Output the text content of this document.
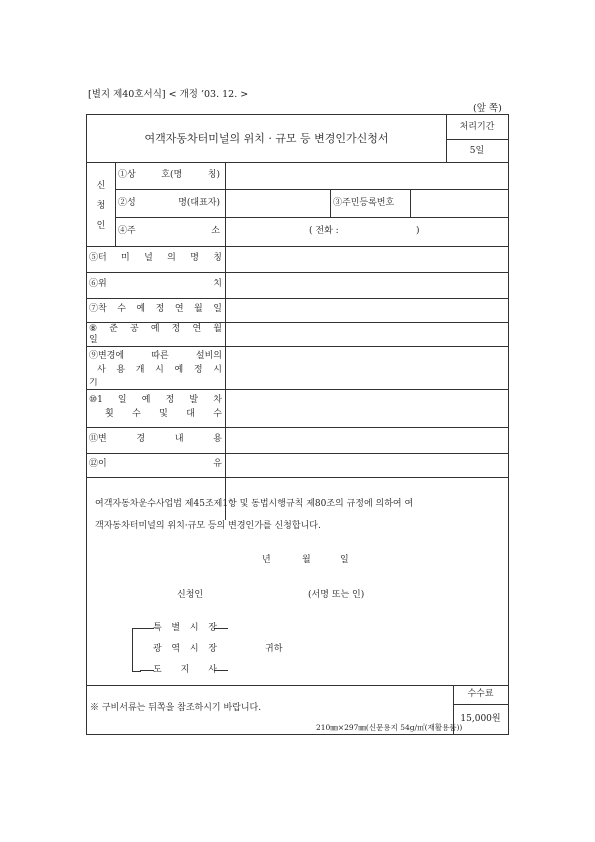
[별지 제40호서식] < 개정 ’03. 12. >
(앞 쪽)
여객자동차터미널의 위치 · 규모 등 변경인가신청서
처리기간
5일
신
청
인
①상	호(명	칭)
②성	명(대표자)	③주민등록번호
④주	소	( 전화 :	)
⑤터 미 널 의 명 칭
⑥위	치
⑦착 수 예 정 연 월 일
⑧ 준 공 예 정 연 월
일
⑨변경에	따른	설비의
사 용 개 시 예 정 시
기
⑩1 일 예 정 발 차
횟 수 및 대 수
⑪변	경	내	용
⑫이	유
여객자동차운수사업법 제45조제1항 및 동법시행규칙 제80조의 규정에 의하여 여
객자동차터미널의 위치·규모 등의 변경인가를 신청합니다.
년	월	일
신청인	(서명 또는 인)
특 별 시 장
광 역 시 장
도 지 사
귀하
※ 구비서류는 뒤쪽을 참조하시기 바랍니다.
수수료
15,000원
210㎜×297㎜(신문용지 54g/㎡(재활용품))
